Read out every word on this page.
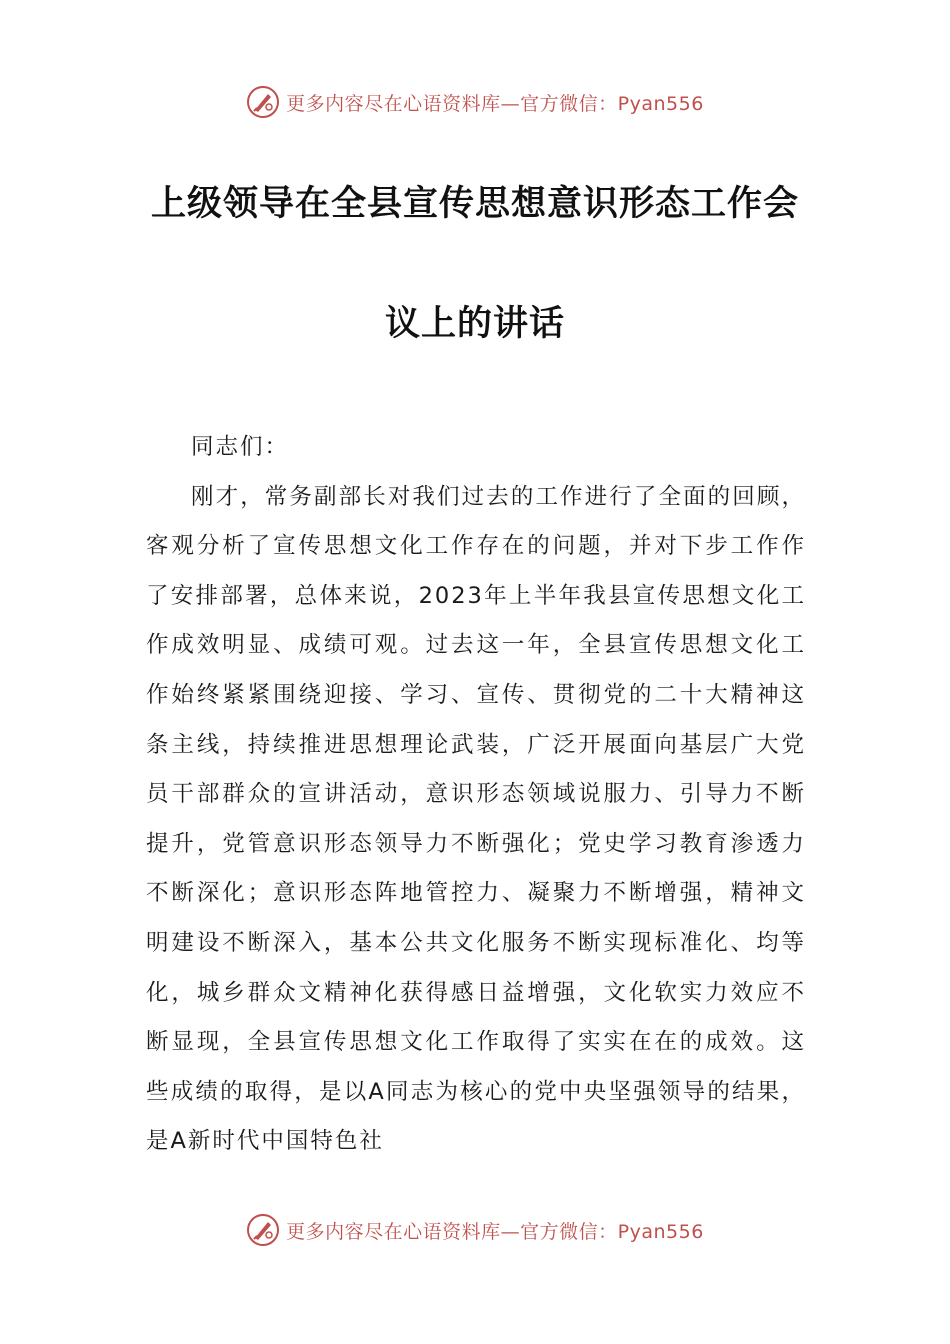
更多内容尽在心语资料库—官方微信：Pyan556
上级领导在全县宣传思想意识形态工作会
议上的讲话

同志们：

刚才，常务副部长对我们过去的工作进行了全面的回顾，客观分析了宣传思想文化工作存在的问题，并对下步工作作了安排部署，总体来说，2023年上半年我县宣传思想文化工作成效明显、成绩可观。过去这一年，全县宣传思想文化工作始终紧紧围绕迎接、学习、宣传、贯彻党的二十大精神这条主线，持续推进思想理论武装，广泛开展面向基层广大党员干部群众的宣讲活动，意识形态领域说服力、引导力不断提升，党管意识形态领导力不断强化；党史学习教育渗透力不断深化；意识形态阵地管控力、凝聚力不断增强，精神文明建设不断深入，基本公共文化服务不断实现标准化、均等化，城乡群众文精神化获得感日益增强，文化软实力效应不断显现，全县宣传思想文化工作取得了实实在在的成效。这些成绩的取得，是以A同志为核心的党中央坚强领导的结果，是A新时代中国特色社

更多内容尽在心语资料库—官方微信：Pyan556
